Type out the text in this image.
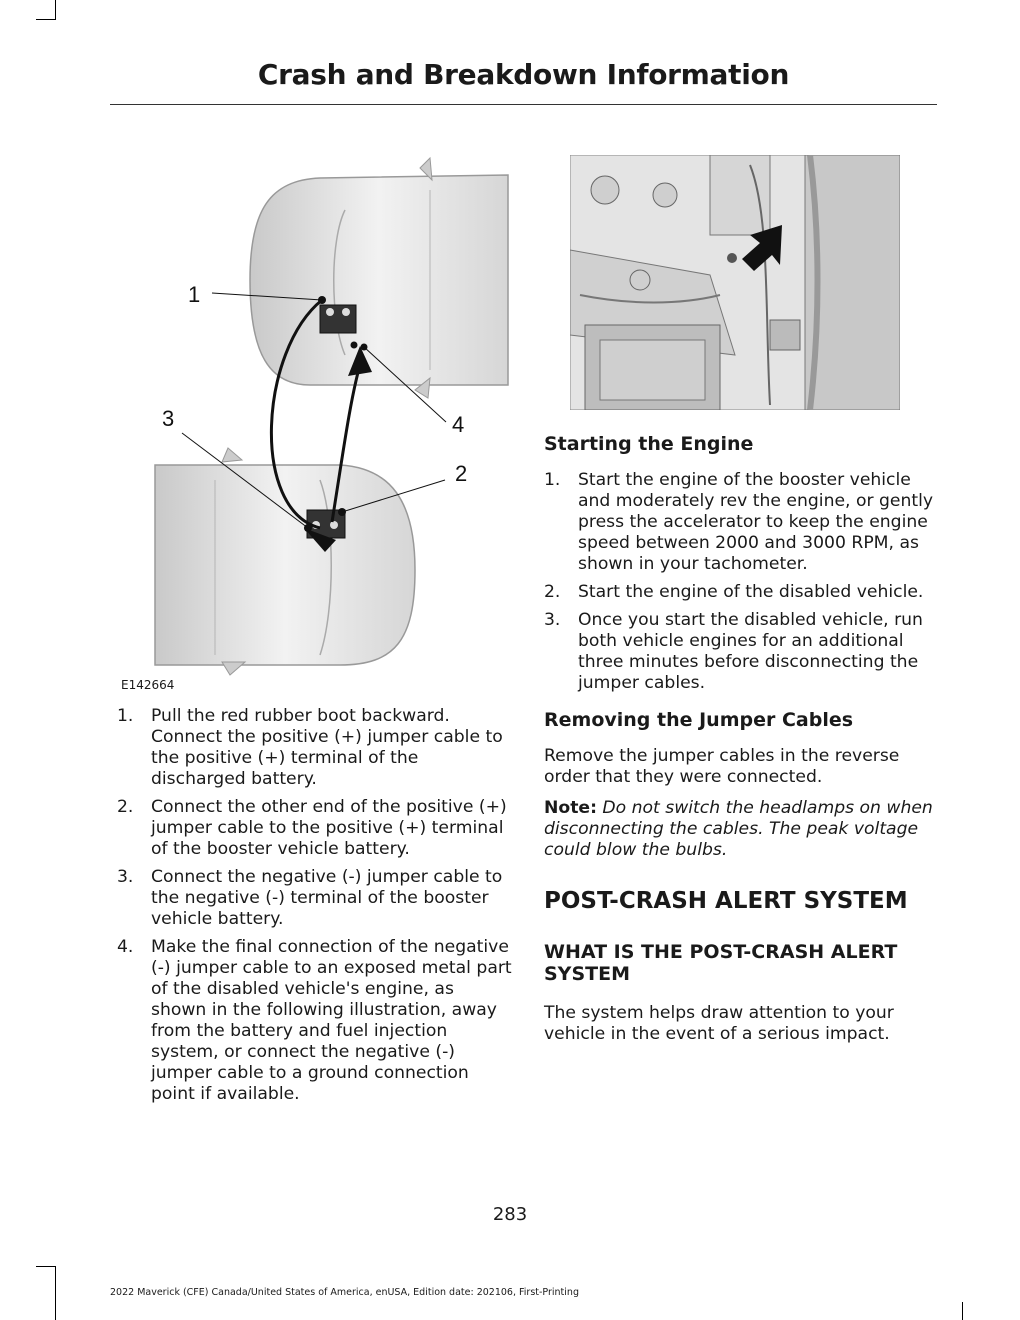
Crash and Breakdown Information
1
4
3
2
E142664
1. Pull the red rubber boot backward. Connect the positive (+) jumper cable to the positive (+) terminal of the discharged battery.
2. Connect the other end of the positive (+) jumper cable to the positive (+) terminal of the booster vehicle battery.
3. Connect the negative (-) jumper cable to the negative (-) terminal of the booster vehicle battery.
4. Make the final connection of the negative (-) jumper cable to an exposed metal part of the disabled vehicle's engine, as shown in the following illustration, away from the battery and fuel injection system, or connect the negative (-) jumper cable to a ground connection point if available.
Starting the Engine
1. Start the engine of the booster vehicle and moderately rev the engine, or gently press the accelerator to keep the engine speed between 2000 and 3000 RPM, as shown in your tachometer.
2. Start the engine of the disabled vehicle.
3. Once you start the disabled vehicle, run both vehicle engines for an additional three minutes before disconnecting the jumper cables.
Removing the Jumper Cables

Remove the jumper cables in the reverse order that they were connected.

Note: Do not switch the headlamps on when disconnecting the cables. The peak voltage could blow the bulbs.

POST-CRASH ALERT SYSTEM
WHAT IS THE POST-CRASH ALERT SYSTEM

The system helps draw attention to your vehicle in the event of a serious impact.

283
2022 Maverick (CFE) Canada/United States of America, enUSA, Edition date: 202106, First-Printing
